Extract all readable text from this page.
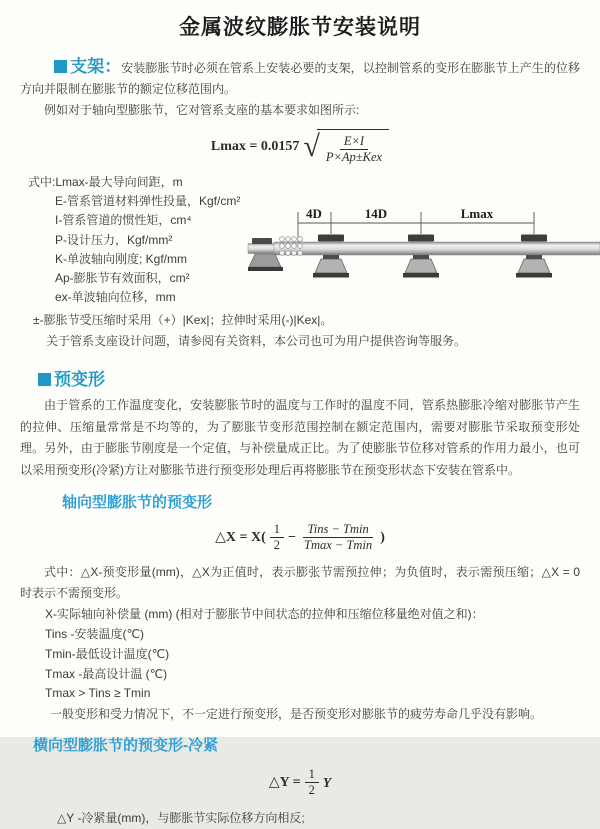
金属波纹膨胀节安装说明
支架：安装膨胀节时必须在管系上安装必要的支架，以控制管系的变形在膨胀节上产生的位移方向并限制在膨胀节的额定位移范围内。
例如对于轴向型膨胀节，它对管系支座的基本要求如图所示:
Lmax = 0.0157 √ $\frac{E\times I}{\text{P×Ap±Kex}}$
式中:Lmax-最大导向间距，m
E-管系管道材料弹性投量，Kgf/cm²
I-管系管道的惯性矩，cm⁴
P-设计压力，Kgf/mm²
K-单波轴向刚度; Kgf/mm
Ap-膨胀节有效面积，cm²
ex-单波轴向位移，mm
4D	14D	Lmax
±-膨胀节受压缩时采用（+）|Kex|；拉伸时采用(-)|Kex|。
关于管系支座设计问题，请参阅有关资料，本公司也可为用户提供咨询等服务。
预变形
由于管系的工作温度变化，安装膨胀节时的温度与工作时的温度不同，管系热膨胀冷缩对膨胀节产生的拉伸、压缩量常常是不均等的，为了膨胀节变形范围控制在额定范围内，需要对膨胀节采取预变形处理。另外，由于膨胀节刚度是一个定值，与补偿量成正比。为了使膨胀节位移对管系的作用力最小，也可以采用预变形(冷紧)方让对膨胀节进行预变形处理后再将膨胀节在预变形状态下安装在管系中。
轴向型膨胀节的预变形
△X = $X( \frac{1}{2} - \frac{\text{Tins − Tmin}}{Tmax - Tmin}$ )
式中：△X-预变形量(mm)，△X为正值时，表示膨张节需预拉伸；为负值时，表示需预压缩；△X = 0时表示不需预变形。
X-实际轴向补偿量 (mm) (相对于膨胀节中间状态的拉伸和压缩位移量绝对值之和)：
Tins -安装温度(℃)
Tmin-最低设计温度(℃)
Tmax -最高设计温 (℃)
Tmax > Tins ≥ Tmin
一般变形和受力情况下，不一定进行预变形，是否预变形对膨胀节的疲劳寿命几乎没有影响。
横向型膨胀节的预变形-冷紧
△Y = $\frac{1}{2}$ Y
△Y -冷紧量(mm)，与膨胀节实际位移方向相反;
